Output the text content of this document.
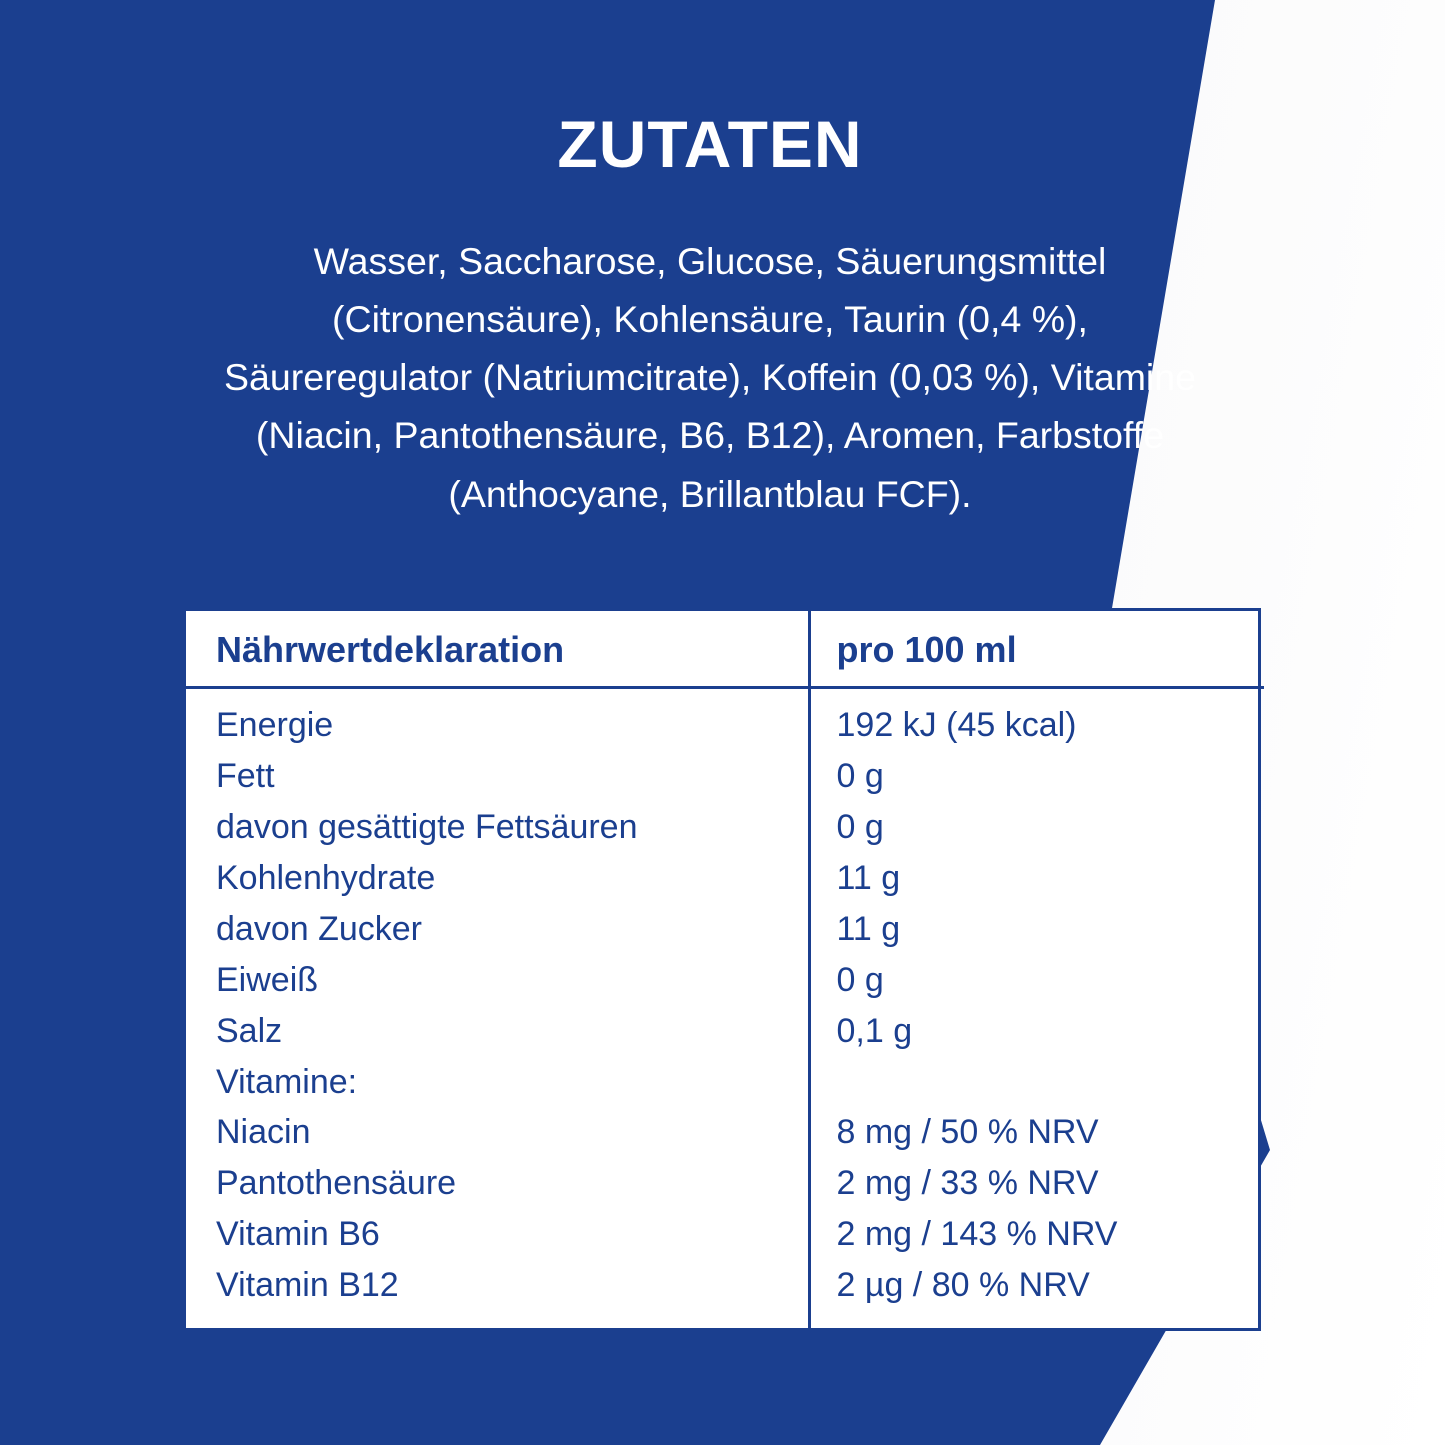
ZUTATEN
Wasser, Saccharose, Glucose, Säuerungsmittel (Citronensäure), Kohlensäure, Taurin (0,4 %), Säureregulator (Natriumcitrate), Koffein (0,03 %), Vitamine (Niacin, Pantothensäure, B6, B12), Aromen, Farbstoffe (Anthocyane, Brillantblau FCF).
Nährwertdeklaration	pro 100 ml
Energie	192 kJ (45 kcal)
Fett	0 g
davon gesättigte Fettsäuren	0 g
Kohlenhydrate	11 g
davon Zucker	11 g
Eiweiß	0 g
Salz	0,1 g
Vitamine:	
Niacin	8 mg / 50 % NRV
Pantothensäure	2 mg / 33 % NRV
Vitamin B6	2 mg / 143 % NRV
Vitamin B12	2 µg / 80 % NRV
